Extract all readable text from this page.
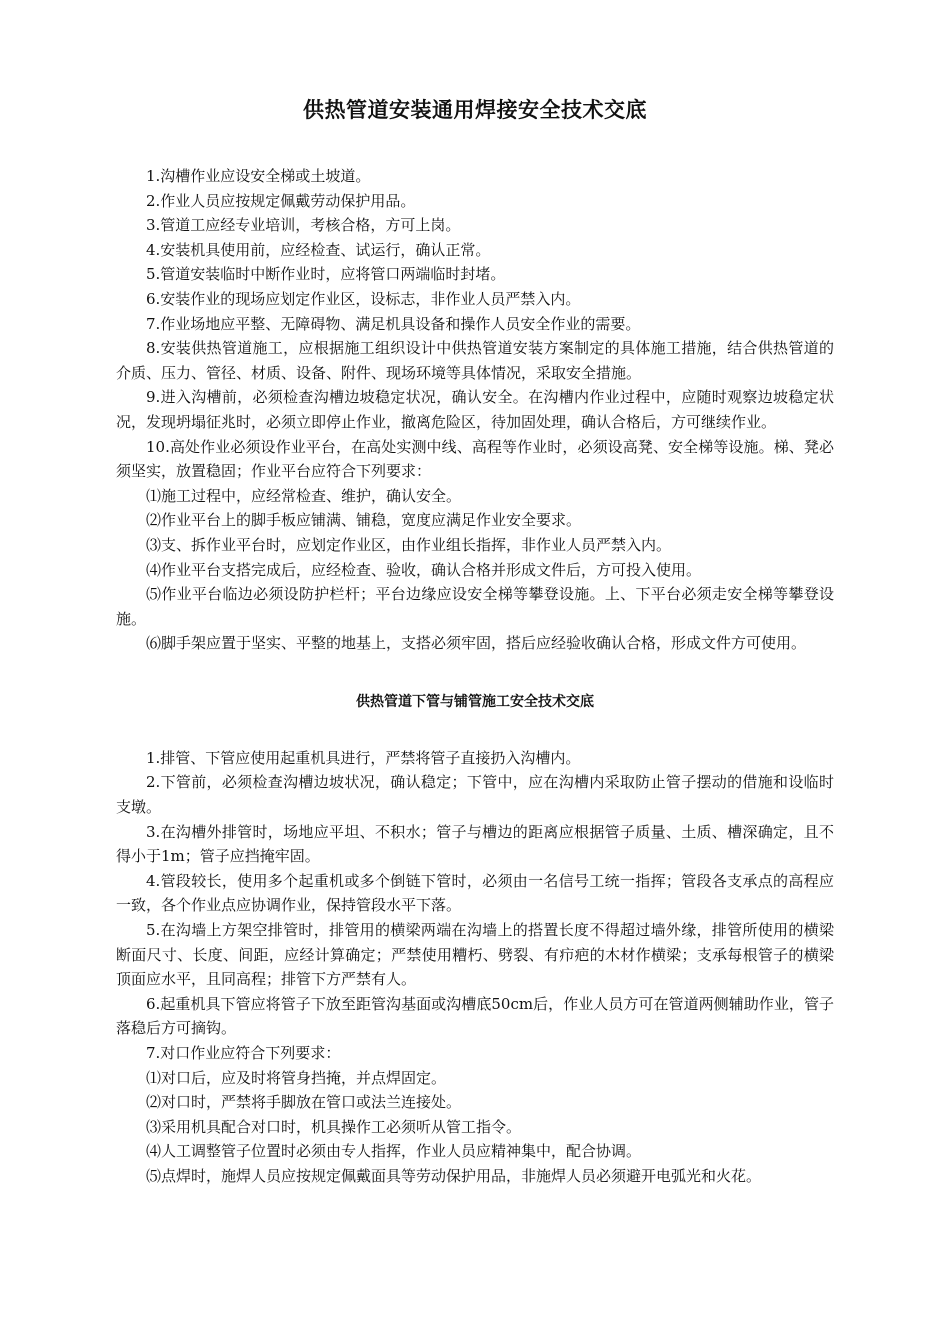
供热管道安装通用焊接安全技术交底

1.沟槽作业应设安全梯或土坡道。

2.作业人员应按规定佩戴劳动保护用品。

3.管道工应经专业培训，考核合格，方可上岗。

4.安装机具使用前，应经检查、试运行，确认正常。

5.管道安装临时中断作业时，应将管口两端临时封堵。

6.安装作业的现场应划定作业区，设标志，非作业人员严禁入内。

7.作业场地应平整、无障碍物、满足机具设备和操作人员安全作业的需要。

8.安装供热管道施工，应根据施工组织设计中供热管道安装方案制定的具体施工措施，结合供热管道的介质、压力、管径、材质、设备、附件、现场环境等具体情况，采取安全措施。

9.进入沟槽前，必须检查沟槽边坡稳定状况，确认安全。在沟槽内作业过程中，应随时观察边坡稳定状况，发现坍塌征兆时，必须立即停止作业，撤离危险区，待加固处理，确认合格后，方可继续作业。

10.高处作业必须设作业平台，在高处实测中线、高程等作业时，必须设高凳、安全梯等设施。梯、凳必须坚实，放置稳固；作业平台应符合下列要求：

⑴施工过程中，应经常检查、维护，确认安全。

⑵作业平台上的脚手板应铺满、铺稳，宽度应满足作业安全要求。

⑶支、拆作业平台时，应划定作业区，由作业组长指挥，非作业人员严禁入内。

⑷作业平台支搭完成后，应经检查、验收，确认合格并形成文件后，方可投入使用。

⑸作业平台临边必须设防护栏杆；平台边缘应设安全梯等攀登设施。上、下平台必须走安全梯等攀登设施。

⑹脚手架应置于坚实、平整的地基上，支搭必须牢固，搭后应经验收确认合格，形成文件方可使用。

供热管道下管与铺管施工安全技术交底

1.排管、下管应使用起重机具进行，严禁将管子直接扔入沟槽内。

2.下管前，必须检查沟槽边坡状况，确认稳定；下管中，应在沟槽内采取防止管子摆动的借施和设临时支墩。

3.在沟槽外排管时，场地应平坦、不积水；管子与槽边的距离应根据管子质量、土质、槽深确定，且不得小于1m；管子应挡掩牢固。

4.管段较长，使用多个起重机或多个倒链下管时，必须由一名信号工统一指挥；管段各支承点的高程应一致，各个作业点应协调作业，保持管段水平下落。

5.在沟墙上方架空排管时，排管用的横梁两端在沟墙上的搭置长度不得超过墙外缘，排管所使用的横梁断面尺寸、长度、间距，应经计算确定；严禁使用糟朽、劈裂、有疖疤的木材作横梁；支承每根管子的横梁顶面应水平，且同高程；排管下方严禁有人。

6.起重机具下管应将管子下放至距管沟基面或沟槽底50cm后，作业人员方可在管道两侧辅助作业，管子落稳后方可摘钩。

7.对口作业应符合下列要求：

⑴对口后，应及时将管身挡掩，并点焊固定。

⑵对口时，严禁将手脚放在管口或法兰连接处。

⑶采用机具配合对口时，机具操作工必须听从管工指令。

⑷人工调整管子位置时必须由专人指挥，作业人员应精神集中，配合协调。

⑸点焊时，施焊人员应按规定佩戴面具等劳动保护用品，非施焊人员必须避开电弧光和火花。
